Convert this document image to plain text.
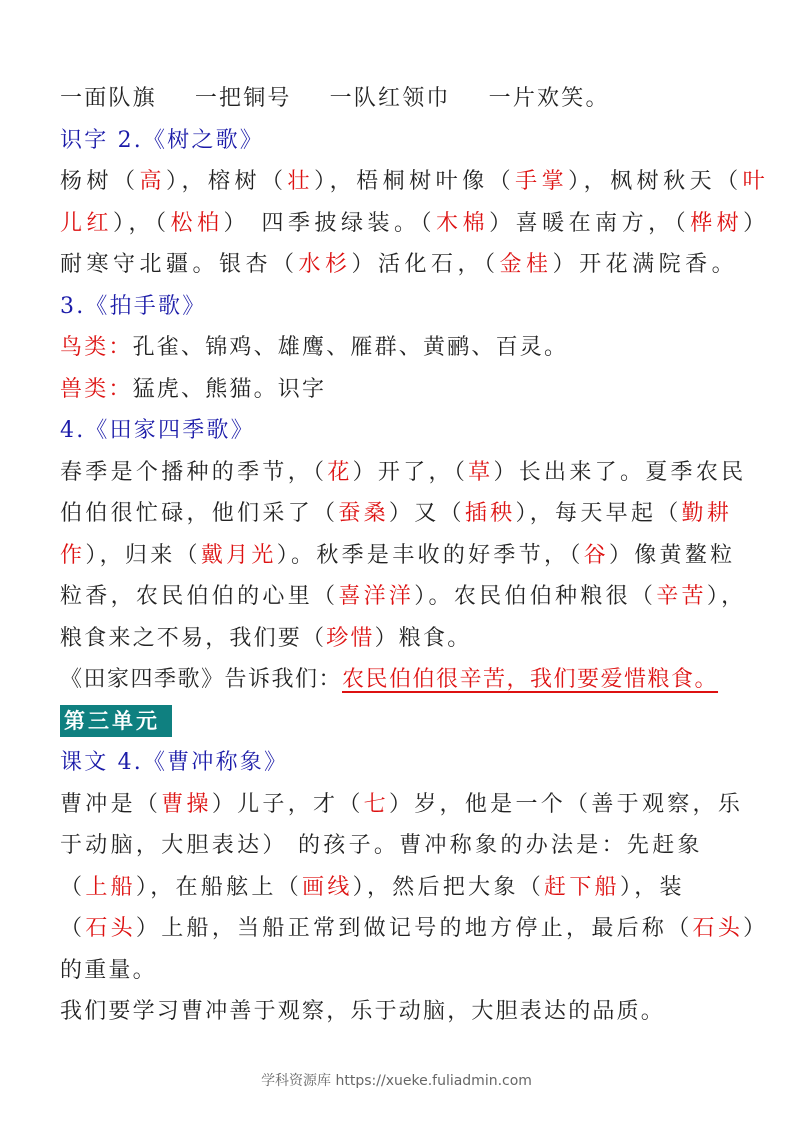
一面队旗 一把铜号 一队红领巾 一片欢笑。
识字 2.《树之歌》
杨树（高），榕树（壮），梧桐树叶像（手掌），枫树秋天（叶
儿红），（松柏） 四季披绿装。（木棉）喜暖在南方，（桦树）
耐寒守北疆。银杏（水杉）活化石，（金桂）开花满院香。
3.《拍手歌》
鸟类：孔雀、锦鸡、雄鹰、雁群、黄鹂、百灵。
兽类：猛虎、熊猫。识字
4.《田家四季歌》
春季是个播种的季节，（花）开了，（草）长出来了。夏季农民
伯伯很忙碌，他们采了（蚕桑）又（插秧），每天早起（勤耕
作），归来（戴月光）。秋季是丰收的好季节，（谷）像黄鳌粒
粒香，农民伯伯的心里（喜洋洋）。农民伯伯种粮很（辛苦），
粮食来之不易，我们要（珍惜）粮食。
《田家四季歌》告诉我们：农民伯伯很辛苦，我们要爱惜粮食。
第三单元
课文 4.《曹冲称象》
曹冲是（曹操）儿子，才（七）岁，他是一个（善于观察，乐
于动脑，大胆表达） 的孩子。曹冲称象的办法是：先赶象
（上船），在船舷上（画线），然后把大象（赶下船），装
（石头）上船，当船正常到做记号的地方停止，最后称（石头）
的重量。
我们要学习曹冲善于观察，乐于动脑，大胆表达的品质。
学科资源库 https://xueke.fuliadmin.com
